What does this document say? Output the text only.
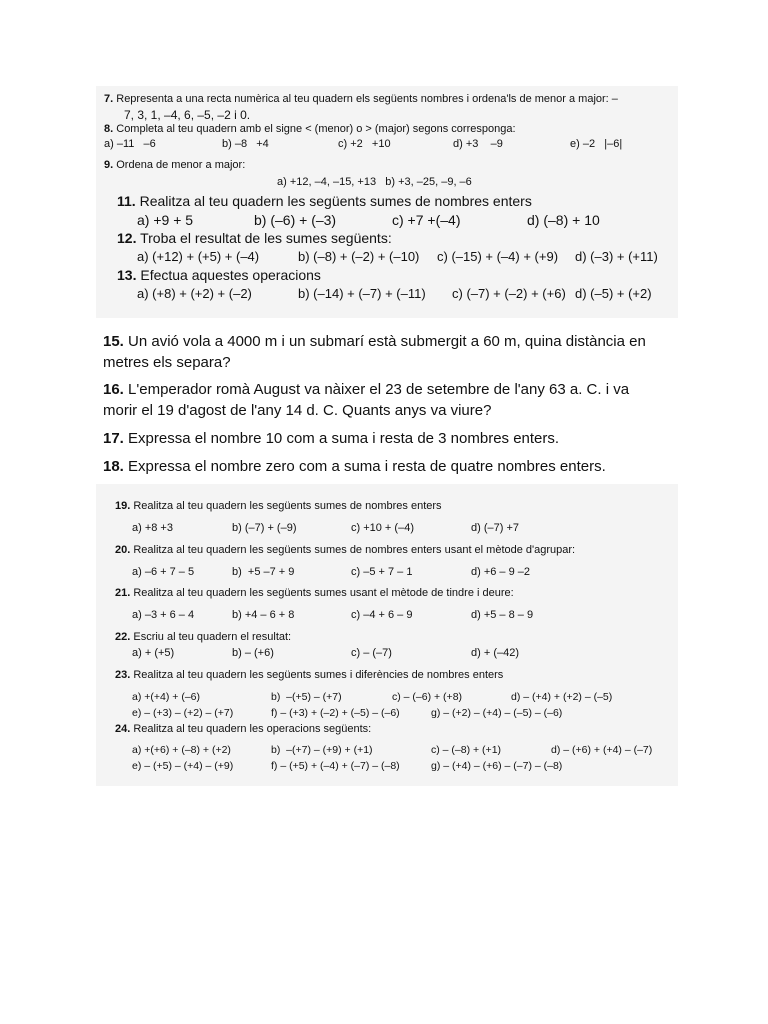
7. Representa a una recta numèrica al teu quadern els següents nombres i ordena'ls de menor a major: –
7, 3, 1, –4, 6, –5, –2 i 0.
8. Completa al teu quadern amb el signe < (menor) o > (major) segons corresponga:
a) –11   –6	b) –8   +4	c) +2   +10	d) +3    –9	e) –2   |–6|
9. Ordena de menor a major:
a) +12, –4, –15, +13   b) +3, –25, –9, –6
11. Realitza al teu quadern les següents sumes de nombres enters
a) +9 + 5	b) (–6) + (–3)	c) +7 +(–4)	d) (–8) + 10
12. Troba el resultat de les sumes següents:
a) (+12) + (+5) + (–4)	b) (–8) + (–2) + (–10) c) (–15) + (–4) + (+9) d) (–3) + (+11)
13. Efectua aquestes operacions
a) (+8) + (+2) + (–2)	b) (–14) + (–7) + (–11) c) (–7) + (–2) + (+6) d) (–5) + (+2)
15. Un avió vola a 4000 m i un submarí està submergit a 60 m, quina distància en
metres els separa?
16. L'emperador romà August va nàixer el 23 de setembre de l'any 63 a. C. i va
morir el 19 d'agost de l'any 14 d. C. Quants anys va viure?
17. Expressa el nombre 10 com a suma i resta de 3 nombres enters.
18. Expressa el nombre zero com a suma i resta de quatre nombres enters.
19. Realitza al teu quadern les següents sumes de nombres enters
a) +8 +3	b) (–7) + (–9)	c) +10 + (–4)	d) (–7) +7
20. Realitza al teu quadern les següents sumes de nombres enters usant el mètode d'agrupar:
a) –6 + 7 – 5	b)  +5 –7 + 9	c) –5 + 7 – 1	d) +6 – 9 –2
21. Realitza al teu quadern les següents sumes usant el mètode de tindre i deure:
a) –3 + 6 – 4	b) +4 – 6 + 8	c) –4 + 6 – 9	d) +5 – 8 – 9
22. Escriu al teu quadern el resultat:
a) + (+5)	b) – (+6)	c) – (–7)	d) + (–42)
23. Realitza al teu quadern les següents sumes i diferències de nombres enters
a) +(+4) + (–6)	b)  –(+5) – (+7)	c) – (–6) + (+8)	d) – (+4) + (+2) – (–5)
e) – (+3) – (+2) – (+7)	f) – (+3) + (–2) + (–5) – (–6)	g) – (+2) – (+4) – (–5) – (–6)
24. Realitza al teu quadern les operacions següents:
a) +(+6) + (–8) + (+2)	b)  –(+7) – (+9) + (+1)	c) – (–8) + (+1)	d) – (+6) + (+4) – (–7)
e) – (+5) – (+4) – (+9)	f) – (+5) + (–4) + (–7) – (–8)	g) – (+4) – (+6) – (–7) – (–8)
